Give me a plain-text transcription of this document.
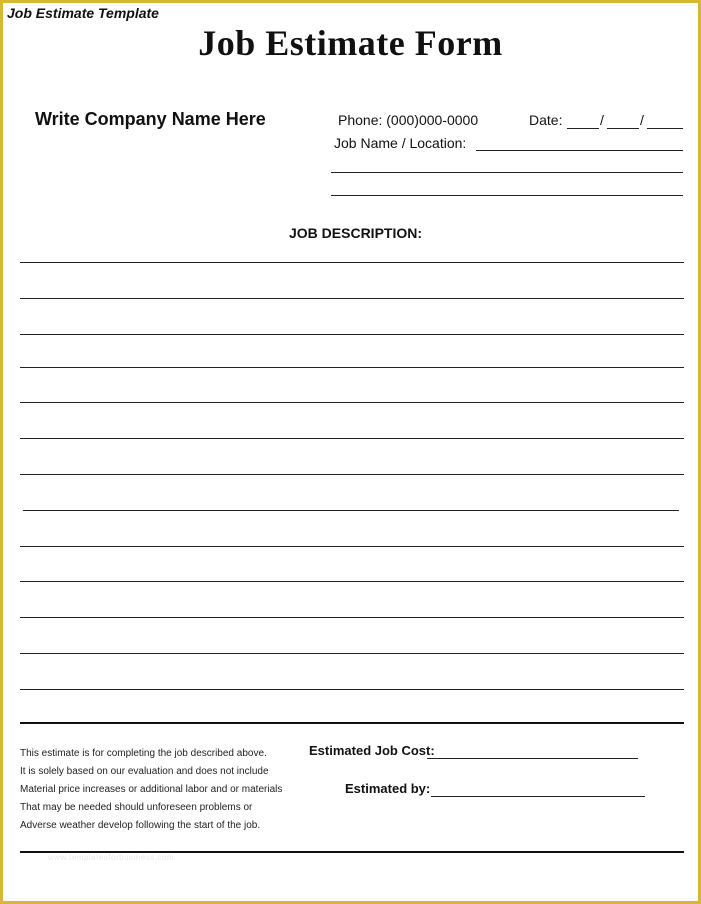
Job Estimate Template
Job Estimate Form
Write Company Name Here	Phone: (000)000-0000	Date:	/	/
Job Name / Location:
JOB DESCRIPTION:
This estimate is for completing the job described above.
It is solely based on our evaluation and does not include
Material price increases or additional labor and or materials
That may be needed should unforeseen problems or
Adverse weather develop following the start of the job.
Estimated Job Cost:
Estimated by:
www.templatesforbusiness.com
